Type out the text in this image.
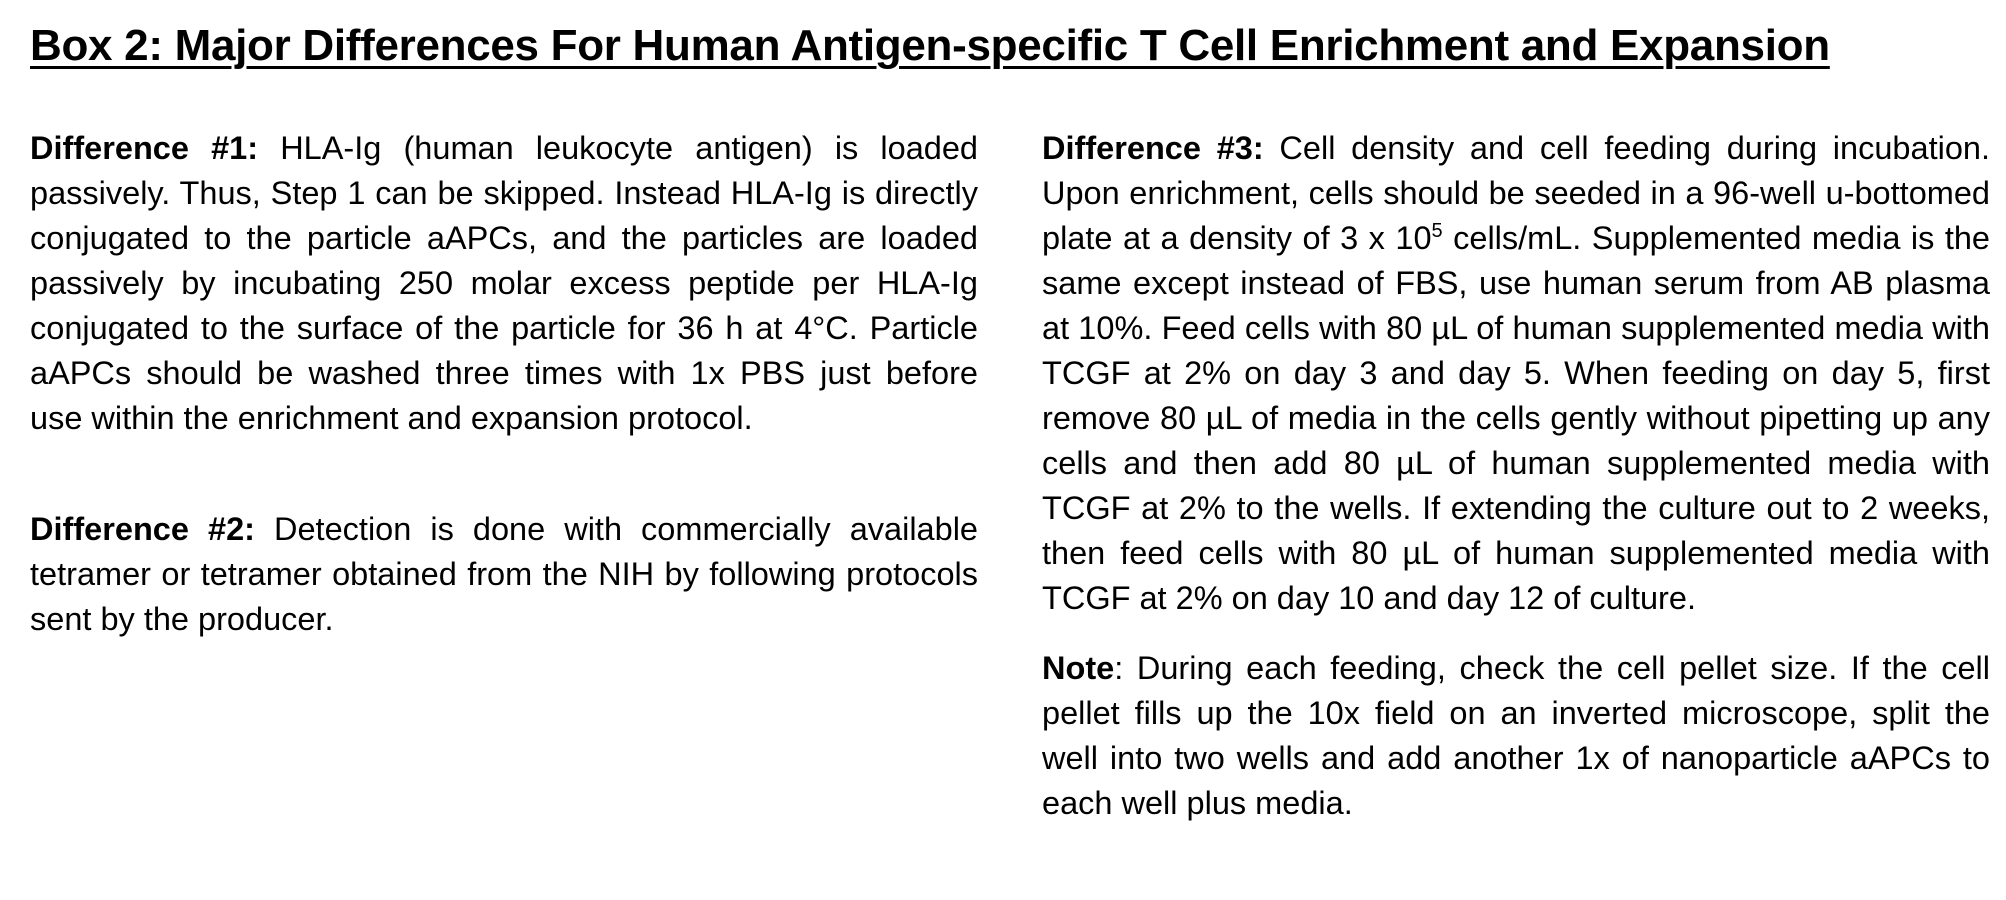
Box 2: Major Differences For Human Antigen-specific T Cell Enrichment and Expansion

Difference #1: HLA-Ig (human leukocyte antigen) is loaded passively. Thus, Step 1 can be skipped. Instead HLA-Ig is directly conjugated to the particle aAPCs, and the particles are loaded passively by incubating 250 molar excess peptide per HLA-Ig conjugated to the surface of the particle for 36 h at 4°C. Particle aAPCs should be washed three times with 1x PBS just before use within the enrichment and expansion protocol.

Difference #2: Detection is done with commercially available tetramer or tetramer obtained from the NIH by following protocols sent by the producer.

Difference #3: Cell density and cell feeding during incubation. Upon enrichment, cells should be seeded in a 96-well u-bottomed plate at a density of 3 x $10^5$ cells/mL. Supplemented media is the same except instead of FBS, use human serum from AB plasma at 10%. Feed cells with 80 µL of human supplemented media with TCGF at 2% on day 3 and day 5. When feeding on day 5, first remove 80 µL of media in the cells gently without pipetting up any cells and then add 80 µL of human supplemented media with TCGF at 2% to the wells. If extending the culture out to 2 weeks, then feed cells with 80 µL of human supplemented media with TCGF at 2% on day 10 and day 12 of culture.

Note: During each feeding, check the cell pellet size. If the cell pellet fills up the 10x field on an inverted microscope, split the well into two wells and add another 1x of nanoparticle aAPCs to each well plus media.
